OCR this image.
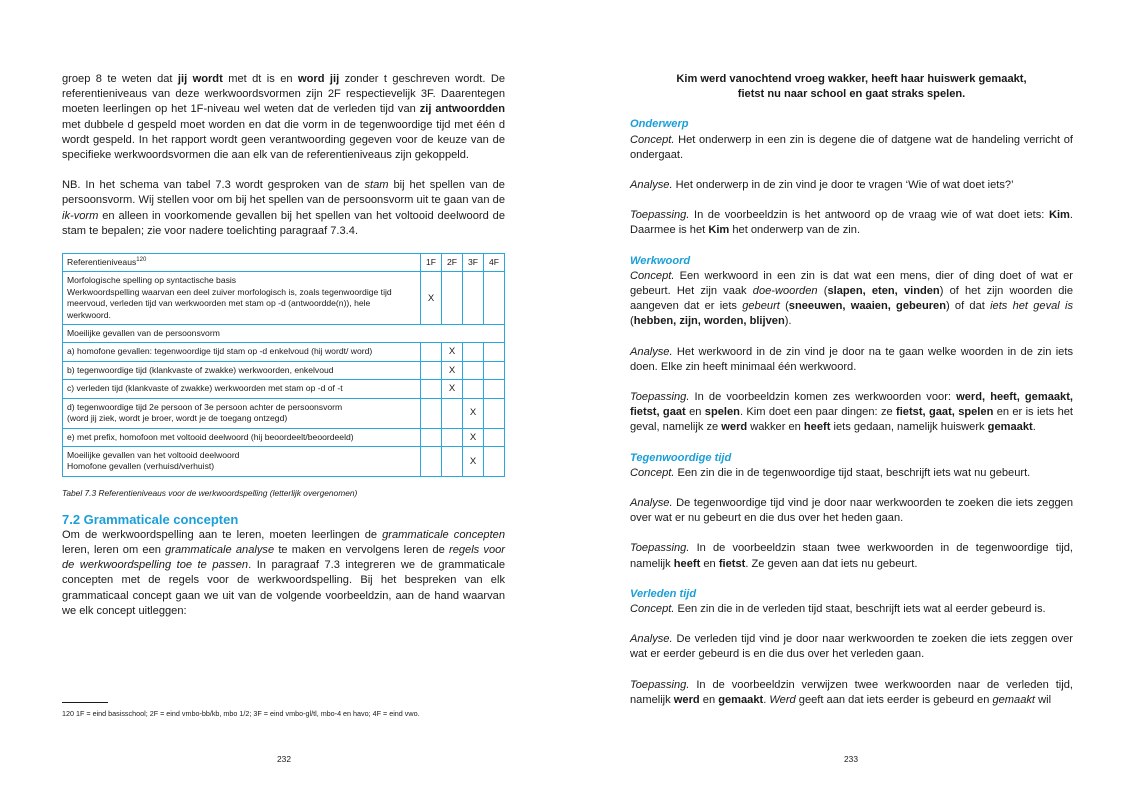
groep 8 te weten dat jij wordt met dt is en word jij zonder t geschreven wordt. De referentieniveaus van deze werkwoordsvormen zijn 2F respectievelijk 3F. Daarentegen moeten leerlingen op het 1F-niveau wel weten dat de verleden tijd van zij antwoordden met dubbele d gespeld moet worden en dat die vorm in de tegenwoordige tijd met één d wordt gespeld. In het rapport wordt geen verantwoording gegeven voor de keuze van de specifieke werkwoordsvormen die aan elk van de referentieniveaus zijn gekoppeld.

NB. In het schema van tabel 7.3 wordt gesproken van de stam bij het spellen van de persoonsvorm. Wij stellen voor om bij het spellen van de persoonsvorm uit te gaan van de ik-vorm en alleen in voorkomende gevallen bij het spellen van het voltooid deelwoord de stam te bepalen; zie voor nadere toelichting paragraaf 7.3.4.

Referentieniveaus$^{120}$	1F	2F	3F	4F
Morfologische spelling op syntactische basis
Werkwoordspelling waarvan een deel zuiver morfologisch is, zoals tegenwoordige tijd meervoud, verleden tijd van werkwoorden met stam op -d (antwoordde(n)), hele werkwoord.	X			
Moeilijke gevallen van de persoonsvorm				
a) homofone gevallen: tegenwoordige tijd stam op -d enkelvoud (hij wordt/ word)		X		
b) tegenwoordige tijd (klankvaste of zwakke) werkwoorden, enkelvoud		X		
c) verleden tijd (klankvaste of zwakke) werkwoorden met stam op -d of -t		X		
d) tegenwoordige tijd 2e persoon of 3e persoon achter de persoonsvorm
(word jij ziek, wordt je broer, wordt je de toegang ontzegd)			X	
e) met prefix, homofoon met voltooid deelwoord (hij beoordeelt/beoordeeld)			X	
Moeilijke gevallen van het voltooid deelwoord
Homofone gevallen (verhuisd/verhuist)			X	
Tabel 7.3 Referentieniveaus voor de werkwoordspelling (letterlijk overgenomen)
7.2 Grammaticale concepten

Om de werkwoordspelling aan te leren, moeten leerlingen de grammaticale concepten leren, leren om een grammaticale analyse te maken en vervolgens leren de regels voor de werkwoordspelling toe te passen. In paragraaf 7.3 integreren we de grammaticale concepten met de regels voor de werkwoordspelling. Bij het bespreken van elk grammaticaal concept gaan we uit van de volgende voorbeeldzin, aan de hand waarvan we elk concept uitleggen:

120 1F = eind basisschool; 2F = eind vmbo-bb/kb, mbo 1/2; 3F = eind vmbo-gl/tl, mbo-4 en havo; 4F = eind vwo.
232

Kim werd vanochtend vroeg wakker, heeft haar huiswerk gemaakt,
fietst nu naar school en gaat straks spelen.

Onderwerp

Concept. Het onderwerp in een zin is degene die of datgene wat de handeling verricht of ondergaat.

Analyse. Het onderwerp in de zin vind je door te vragen ‘Wie of wat doet iets?’

Toepassing. In de voorbeeldzin is het antwoord op de vraag wie of wat doet iets: Kim. Daarmee is het Kim het onderwerp van de zin.

Werkwoord

Concept. Een werkwoord in een zin is dat wat een mens, dier of ding doet of wat er gebeurt. Het zijn vaak doe-woorden (slapen, eten, vinden) of het zijn woorden die aangeven dat er iets gebeurt (sneeuwen, waaien, gebeuren) of dat iets het geval is (hebben, zijn, worden, blijven).

Analyse. Het werkwoord in de zin vind je door na te gaan welke woorden in de zin iets doen. Elke zin heeft minimaal één werkwoord.

Toepassing. In de voorbeeldzin komen zes werkwoorden voor: werd, heeft, gemaakt, fietst, gaat en spelen. Kim doet een paar dingen: ze fietst, gaat, spelen en er is iets het geval, namelijk ze werd wakker en heeft iets gedaan, namelijk huiswerk gemaakt.

Tegenwoordige tijd

Concept. Een zin die in de tegenwoordige tijd staat, beschrijft iets wat nu gebeurt.

Analyse. De tegenwoordige tijd vind je door naar werkwoorden te zoeken die iets zeggen over wat er nu gebeurt en die dus over het heden gaan.

Toepassing. In de voorbeeldzin staan twee werkwoorden in de tegenwoordige tijd, namelijk heeft en fietst. Ze geven aan dat iets nu gebeurt.

Verleden tijd

Concept. Een zin die in de verleden tijd staat, beschrijft iets wat al eerder gebeurd is.

Analyse. De verleden tijd vind je door naar werkwoorden te zoeken die iets zeggen over wat er eerder gebeurd is en die dus over het verleden gaan.

Toepassing. In de voorbeeldzin verwijzen twee werkwoorden naar de verleden tijd, namelijk werd en gemaakt. Werd geeft aan dat iets eerder is gebeurd en gemaakt wil

233
